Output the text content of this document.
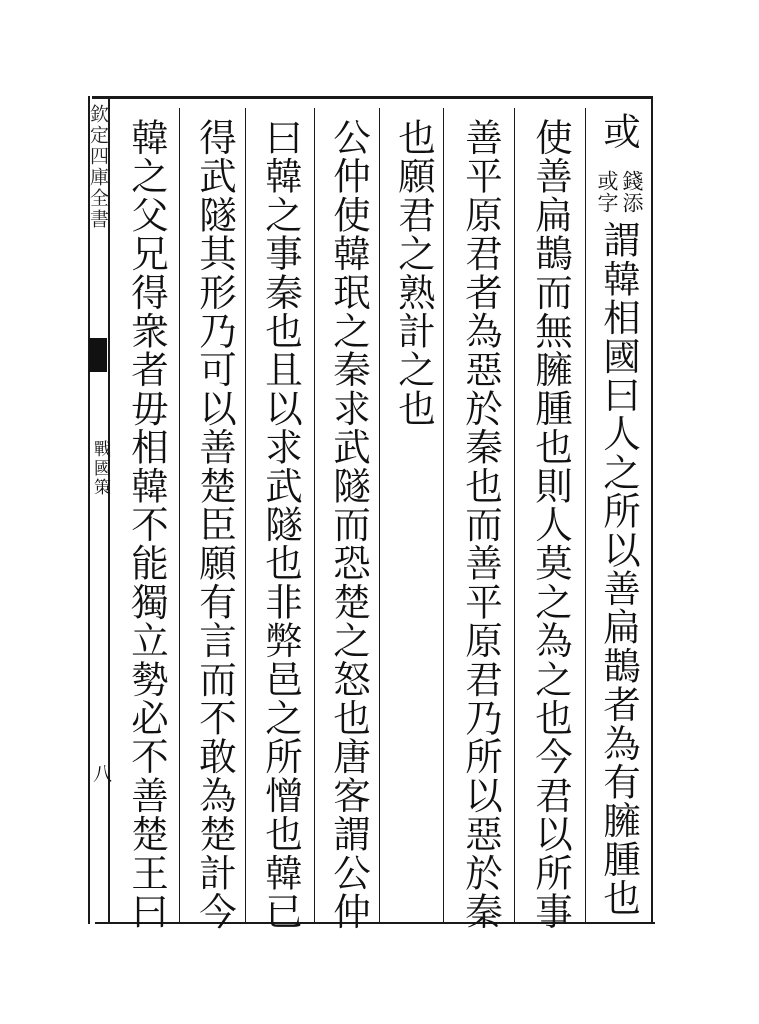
或謂韓相國曰人之所以善扁鵲者為有臃腫也
使善扁鵲而無臃腫也則人莫之為之也今君以所事
善平原君者為惡於秦也而善平原君乃所以惡於秦
也願君之熟計之也
公仲使韓珉之秦求武隧而恐楚之怒也唐客謂公仲
曰韓之事秦也且以求武隧也非弊邑之所憎也韓已
得武隧其形乃可以善楚臣願有言而不敢為楚計今
韓之父兄得衆者毋相韓不能獨立勢必不善楚王曰	錢添
或字
欽定四庫全書
戰國策
八
